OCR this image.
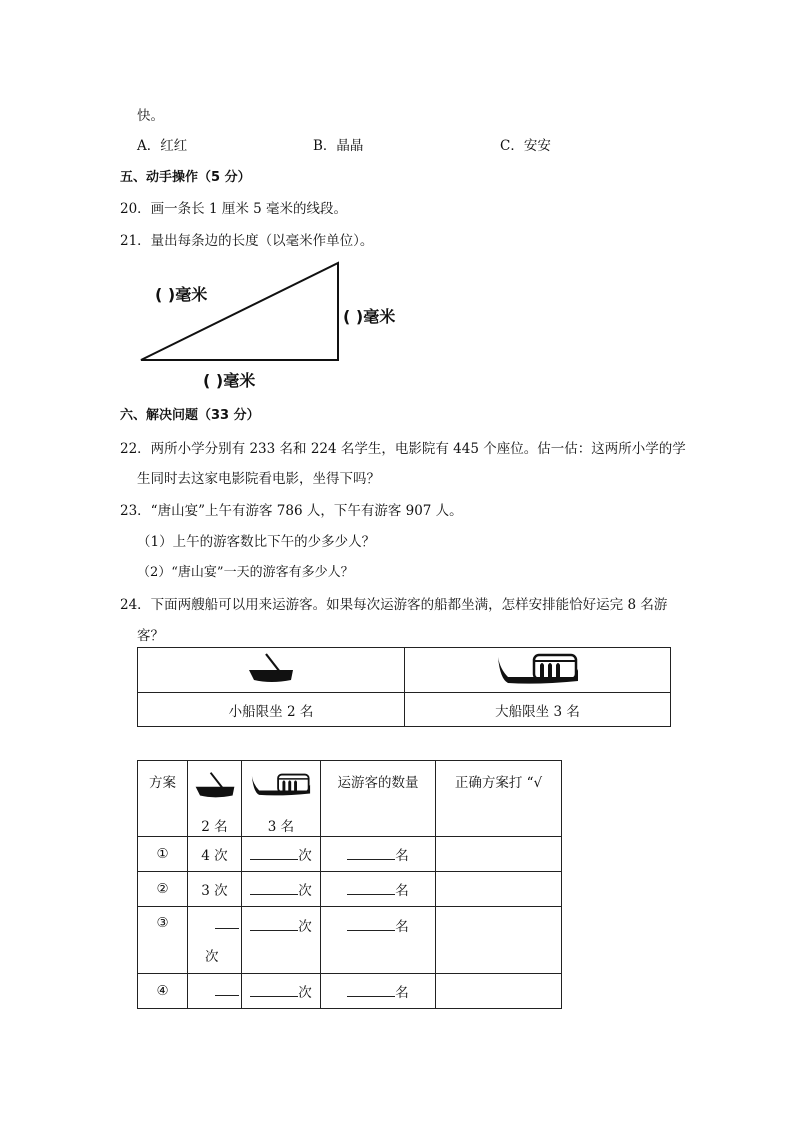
快。
A．红红	B．晶晶	C．安安
五、动手操作（5 分）
20．画一条长 1 厘米 5 毫米的线段。
21．量出每条边的长度（以毫米作单位）。
( )毫米
( )毫米
( )毫米
六、解决问题（33 分）
22．两所小学分别有 233 名和 224 名学生，电影院有 445 个座位。估一估：这两所小学的学
生同时去这家电影院看电影，坐得下吗？
23．“唐山宴”上午有游客 786 人，下午有游客 907 人。
（1）上午的游客数比下午的少多少人？
（2）“唐山宴”一天的游客有多少人？
24．下面两艘船可以用来运游客。如果每次运游客的船都坐满，怎样安排能恰好运完 8 名游
客？

小船限坐 2 名	大船限坐 3 名
方案	2 名	3 名	运游客的数量	正确方案打 “√
①	4 次	次	名	
②	3 次	次	名	
③	次	次	名	
④		次	名	
